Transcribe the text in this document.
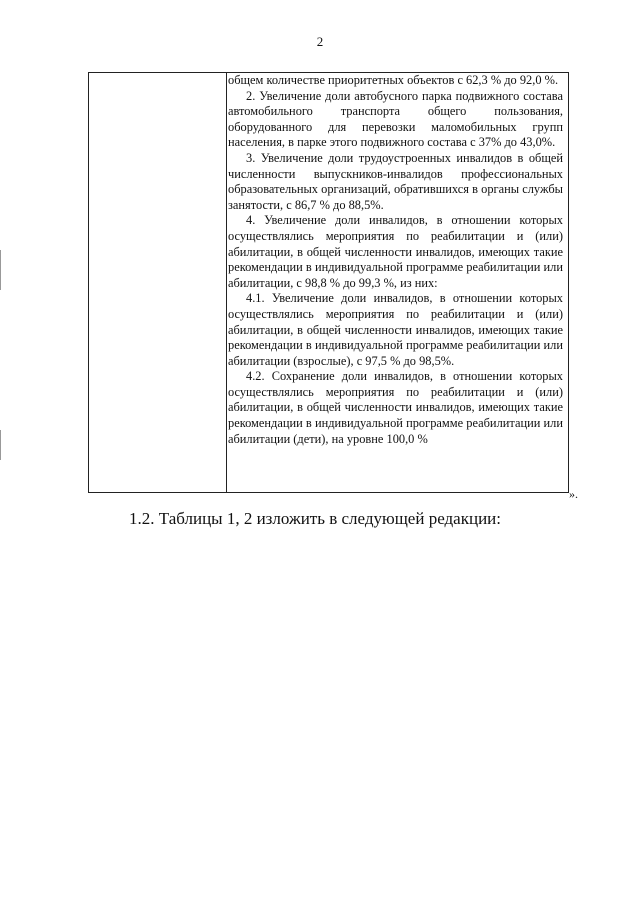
2

общем количестве приоритетных объектов с 62,3 % до 92,0 %.

2. Увеличение доли автобусного парка подвижного состава автомобильного транспорта общего пользования, оборудованного для перевозки маломобильных групп населения, в парке этого подвижного состава с 37% до 43,0%.

3. Увеличение доли трудоустроенных инвалидов в общей численности выпускников-инвалидов профессиональных образовательных организаций, обратившихся в органы службы занятости, с 86,7 % до 88,5%.

4. Увеличение доли инвалидов, в отношении которых осуществлялись мероприятия по реабилитации и (или) абилитации, в общей численности инвалидов, имеющих такие рекомендации в индивидуальной программе реабилитации или абилитации, с 98,8 % до 99,3 %, из них:

4.1. Увеличение доли инвалидов, в отношении которых осуществлялись мероприятия по реабилитации и (или) абилитации, в общей численности инвалидов, имеющих такие рекомендации в индивидуальной программе реабилитации или абилитации (взрослые), с 97,5 % до 98,5%.

4.2. Сохранение доли инвалидов, в отношении которых осуществлялись мероприятия по реабилитации и (или) абилитации, в общей численности инвалидов, имеющих такие рекомендации в индивидуальной программе реабилитации или абилитации (дети), на уровне 100,0 %

».
1.2. Таблицы 1, 2 изложить в следующей редакции:
